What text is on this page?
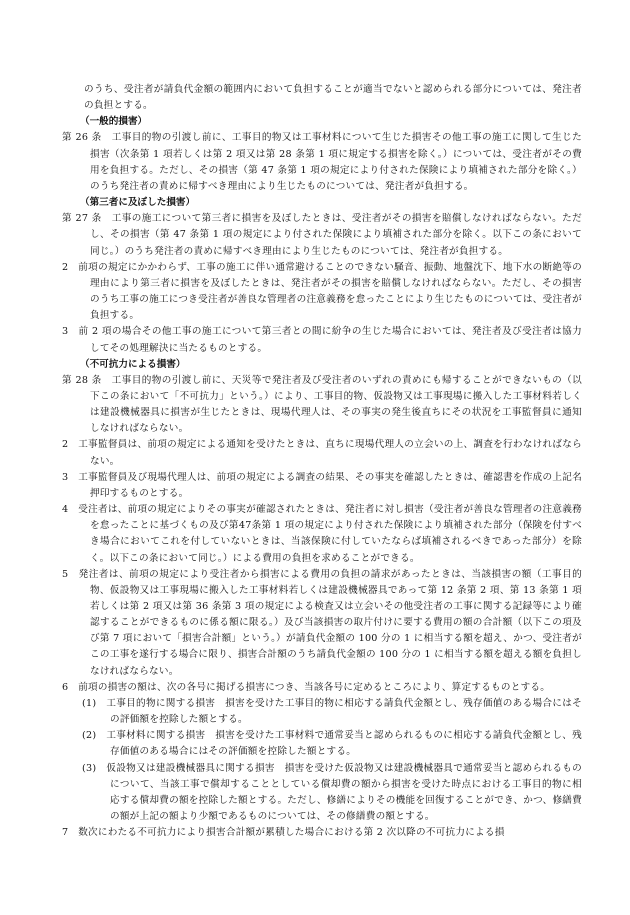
のうち、受注者が請負代金額の範囲内において負担することが適当でないと認められる部分については、発注者の負担とする。

（一般的損害）

第 26 条　工事目的物の引渡し前に、工事目的物又は工事材料について生じた損害その他工事の施工に関して生じた損害（次条第 1 項若しくは第 2 項又は第 28 条第 1 項に規定する損害を除く。）については、受注者がその費用を負担する。ただし、その損害（第 47 条第 1 項の規定により付された保険により填補された部分を除く。）のうち発注者の責めに帰すべき理由により生じたものについては、発注者が負担する。

（第三者に及ぼした損害）

第 27 条　工事の施工について第三者に損害を及ぼしたときは、受注者がその損害を賠償しなければならない。ただし、その損害（第 47 条第 1 項の規定により付された保険により填補された部分を除く。以下この条において同じ。）のうち発注者の責めに帰すべき理由により生じたものについては、発注者が負担する。

2　前項の規定にかかわらず、工事の施工に伴い通常避けることのできない騒音、振動、地盤沈下、地下水の断絶等の理由により第三者に損害を及ぼしたときは、発注者がその損害を賠償しなければならない。ただし、その損害のうち工事の施工につき受注者が善良な管理者の注意義務を怠ったことにより生じたものについては、受注者が負担する。

3　前 2 項の場合その他工事の施工について第三者との間に紛争の生じた場合においては、発注者及び受注者は協力してその処理解決に当たるものとする。

（不可抗力による損害）

第 28 条　工事目的物の引渡し前に、天災等で発注者及び受注者のいずれの責めにも帰することができないもの（以下この条において「不可抗力」という。）により、工事目的物、仮設物又は工事現場に搬入した工事材料若しくは建設機械器具に損害が生じたときは、現場代理人は、その事実の発生後直ちにその状況を工事監督員に通知しなければならない。

2　工事監督員は、前項の規定による通知を受けたときは、直ちに現場代理人の立会いの上、調査を行わなければならない。

3　工事監督員及び現場代理人は、前項の規定による調査の結果、その事実を確認したときは、確認書を作成の上記名押印するものとする。

4　受注者は、前項の規定によりその事実が確認されたときは、発注者に対し損害（受注者が善良な管理者の注意義務を怠ったことに基づくもの及び第47条第 1 項の規定により付された保険により填補された部分（保険を付すべき場合においてこれを付していないときは、当該保険に付していたならば填補されるべきであった部分）を除く。以下この条において同じ。）による費用の負担を求めることができる。

5　発注者は、前項の規定により受注者から損害による費用の負担の請求があったときは、当該損害の額（工事目的物、仮設物又は工事現場に搬入した工事材料若しくは建設機械器具であって第 12 条第 2 項、第 13 条第 1 項若しくは第 2 項又は第 36 条第 3 項の規定による検査又は立会いその他受注者の工事に関する記録等により確認することができるものに係る額に限る。）及び当該損害の取片付けに要する費用の額の合計額（以下この項及び第 7 項において「損害合計額」という。）が請負代金額の 100 分の 1 に相当する額を超え、かつ、受注者がこの工事を遂行する場合に限り、損害合計額のうち請負代金額の 100 分の 1 に相当する額を超える額を負担しなければならない。

6　前項の損害の額は、次の各号に掲げる損害につき、当該各号に定めるところにより、算定するものとする。

(1)　工事目的物に関する損害　損害を受けた工事目的物に相応する請負代金額とし、残存価値のある場合にはその評価額を控除した額とする。

(2)　工事材料に関する損害　損害を受けた工事材料で通常妥当と認められるものに相応する請負代金額とし、残存価値のある場合にはその評価額を控除した額とする。

(3)　仮設物又は建設機械器具に関する損害　損害を受けた仮設物又は建設機械器具で通常妥当と認められるものについて、当該工事で償却することとしている償却費の額から損害を受けた時点における工事目的物に相応する償却費の額を控除した額とする。ただし、修繕によりその機能を回復することができ、かつ、修繕費の額が上記の額より少額であるものについては、その修繕費の額とする。

7　数次にわたる不可抗力により損害合計額が累積した場合における第 2 次以降の不可抗力による損
